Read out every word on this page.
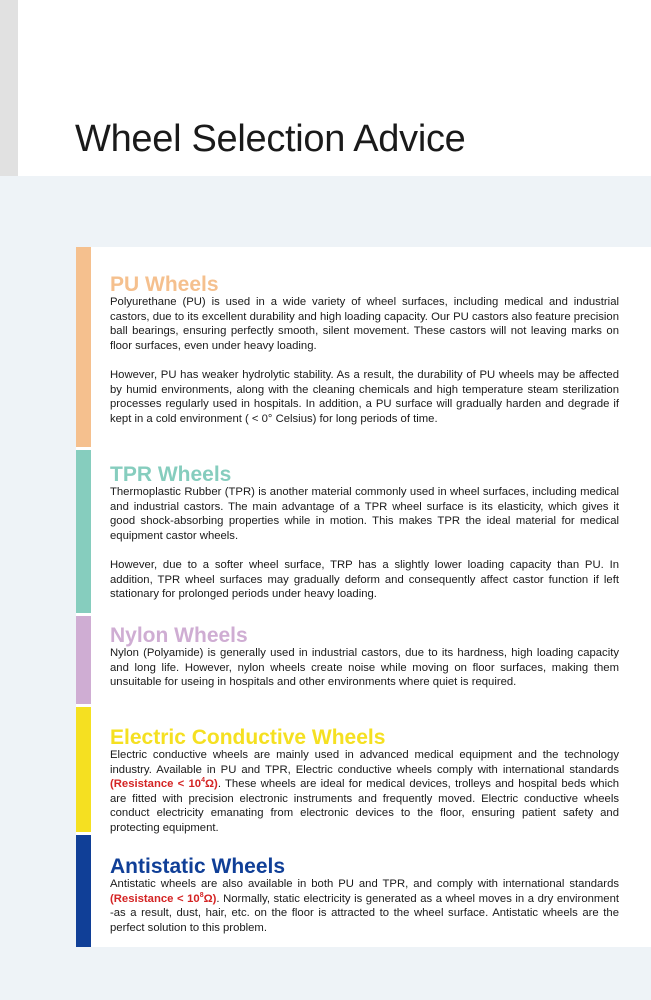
Wheel Selection Advice
PU Wheels

Polyurethane (PU) is used in a wide variety of wheel surfaces, including medical and industrial castors, due to its excellent durability and high loading capacity. Our PU castors also feature precision ball bearings, ensuring perfectly smooth, silent movement. These castors will not leaving marks on floor surfaces, even under heavy loading.

However, PU has weaker hydrolytic stability. As a result, the durability of PU wheels may be affected by humid environments, along with the cleaning chemicals and high temperature steam sterilization processes regularly used in hospitals. In addition, a PU surface will gradually harden and degrade if kept in a cold environment ( < 0° Celsius) for long periods of time.

TPR Wheels

Thermoplastic Rubber (TPR) is another material commonly used in wheel surfaces, including medical and industrial castors. The main advantage of a TPR wheel surface is its elasticity, which gives it good shock-absorbing properties while in motion. This makes TPR the ideal material for medical equipment castor wheels.

However, due to a softer wheel surface, TRP has a slightly lower loading capacity than PU. In addition, TPR wheel surfaces may gradually deform and consequently affect castor function if left stationary for prolonged periods under heavy loading.

Nylon Wheels

Nylon (Polyamide) is generally used in industrial castors, due to its hardness, high loading capacity and long life. However, nylon wheels create noise while moving on floor surfaces, making them unsuitable for useing in hospitals and other environments where quiet is required.

Electric Conductive Wheels

Electric conductive wheels are mainly used in advanced medical equipment and the technology industry. Available in PU and TPR, Electric conductive wheels comply with international standards (Resistance < $10^4\Omega$). These wheels are ideal for medical devices, trolleys and hospital beds which are fitted with precision electronic instruments and frequently moved. Electric conductive wheels conduct electricity emanating from electronic devices to the floor, ensuring patient safety and protecting equipment.

Antistatic Wheels

Antistatic wheels are also available in both PU and TPR, and comply with international standards (Resistance < $10^8\Omega$). Normally, static electricity is generated as a wheel moves in a dry environment -as a result, dust, hair, etc. on the floor is attracted to the wheel surface. Antistatic wheels are the perfect solution to this problem.
